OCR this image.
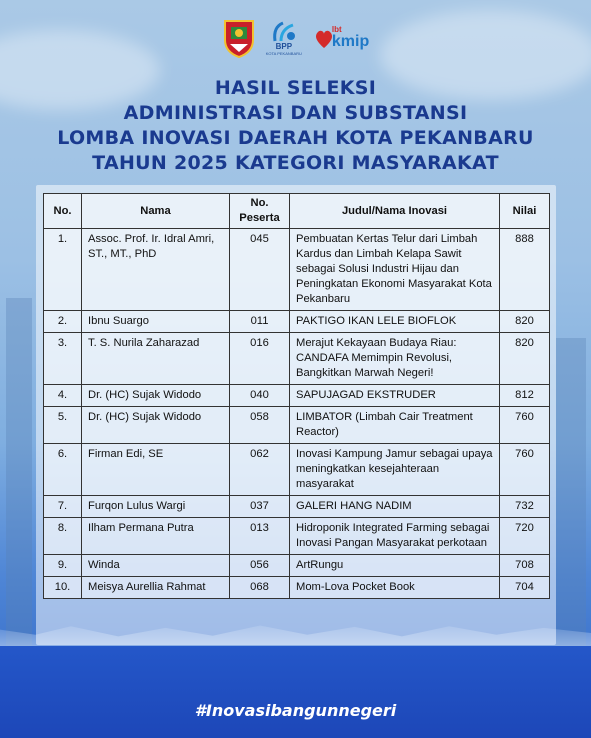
BPP
KOTA PEKANBARU
lbt
kmip
HASIL SELEKSI
ADMINISTRASI DAN SUBSTANSI
LOMBA INOVASI DAERAH KOTA PEKANBARU
TAHUN 2025 KATEGORI MASYARAKAT
No.	Nama	No. Peserta	Judul/Nama Inovasi	Nilai
1.	Assoc. Prof. Ir. Idral Amri, ST., MT., PhD	045	Pembuatan Kertas Telur dari Limbah Kardus dan Limbah Kelapa Sawit sebagai Solusi Industri Hijau dan Peningkatan Ekonomi Masyarakat Kota Pekanbaru	888
2.	Ibnu Suargo	011	PAKTIGO IKAN LELE BIOFLOK	820
3.	T. S. Nurila Zaharazad	016	Merajut Kekayaan Budaya Riau: CANDAFA Memimpin Revolusi, Bangkitkan Marwah Negeri!	820
4.	Dr. (HC) Sujak Widodo	040	SAPUJAGAD EKSTRUDER	812
5.	Dr. (HC) Sujak Widodo	058	LIMBATOR (Limbah Cair Treatment Reactor)	760
6.	Firman Edi, SE	062	Inovasi Kampung Jamur sebagai upaya meningkatkan kesejahteraan masyarakat	760
7.	Furqon Lulus Wargi	037	GALERI HANG NADIM	732
8.	Ilham Permana Putra	013	Hidroponik Integrated Farming sebagai Inovasi Pangan Masyarakat perkotaan	720
9.	Winda	056	ArtRungu	708
10.	Meisya Aurellia Rahmat	068	Mom-Lova Pocket Book	704
#Inovasibangunnegeri
